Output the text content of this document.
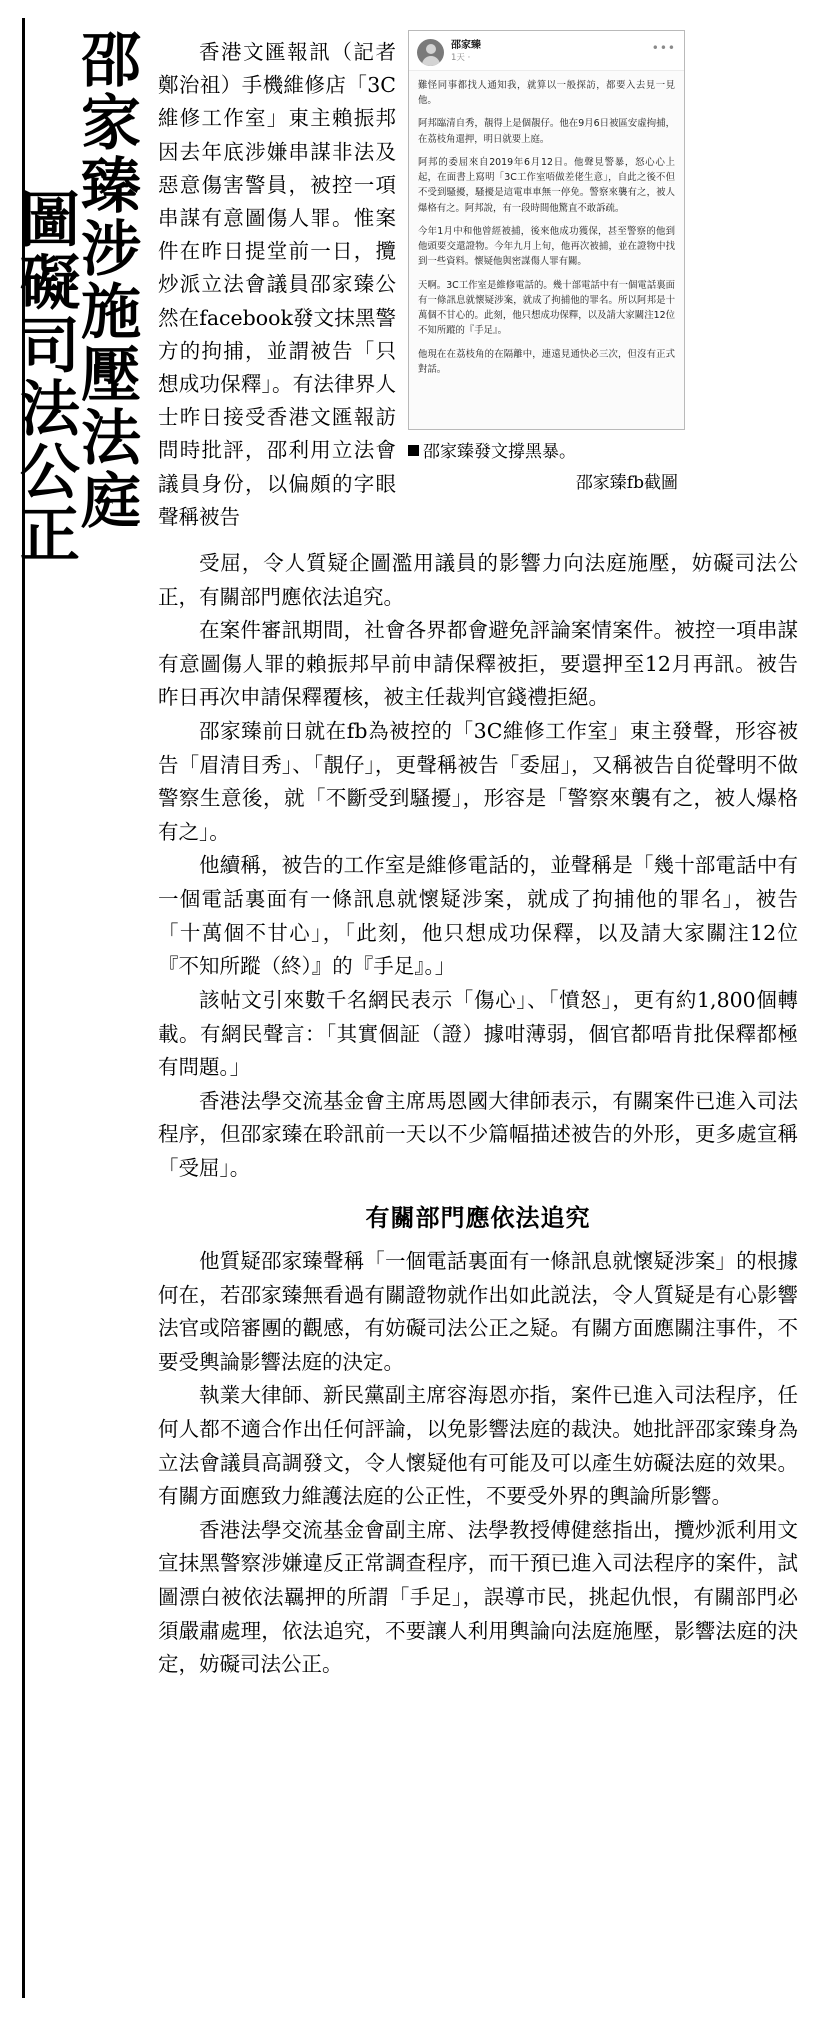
邵家臻涉施壓法庭
圖礙司法公正

香港文匯報訊（記者 鄭治祖）手機維修店「3C維修工作室」東主賴振邦因去年底涉嫌串謀非法及惡意傷害警員，被控一項串謀有意圖傷人罪。惟案件在昨日提堂前一日，攬炒派立法會議員邵家臻公然在facebook發文抹黑警方的拘捕，並謂被告「只想成功保釋」。有法律界人士昨日接受香港文匯報訪問時批評，邵利用立法會議員身份，以偏頗的字眼聲稱被告

邵家臻
1天 ·
•••

難怪同事都找人通知我，就算以一般探訪，都要入去見一見他。

阿邦臨清自秀，靚得上是個靚仔。他在9月6日被區安虛拘捕，在荔枝角還押，明日就要上庭。

阿邦的委屈來自2019年6月12日。他聲見警暴，怒心心上起，在面書上寫明「3C工作室唔做差佬生意」，自此之後不但不受到騷擾，騷擾是這電車車無一停免。警察來襲有之，被人爆格有之。阿邦說，有一段時間他驚直不敢訴疏。

今年1月中和他曾經被捕，後來他成功獲保，甚至警察的他到他頭要交還證物。今年九月上旬，他再次被捕，並在證物中找到一些資料。懷疑他與密謀傷人罪有關。

天啊。3C工作室是維修電話的。幾十部電話中有一個電話裏面有一條訊息就懷疑涉案，就成了拘捕他的罪名。所以阿邦是十萬個不甘心的。此刻，他只想成功保釋，以及請大家關注12位不知所蹤的『手足』。

他現在在荔枝角的在隔離中，連遠見通快必三次，但沒有正式對話。

邵家臻發文撐黑暴。
邵家臻fb截圖

受屈，令人質疑企圖濫用議員的影響力向法庭施壓，妨礙司法公正，有關部門應依法追究。

在案件審訊期間，社會各界都會避免評論案情案件。被控一項串謀有意圖傷人罪的賴振邦早前申請保釋被拒，要還押至12月再訊。被告昨日再次申請保釋覆核，被主任裁判官錢禮拒絕。

邵家臻前日就在fb為被控的「3C維修工作室」東主發聲，形容被告「眉清目秀」、「靚仔」，更聲稱被告「委屈」，又稱被告自從聲明不做警察生意後，就「不斷受到騷擾」，形容是「警察來襲有之，被人爆格有之」。

他續稱，被告的工作室是維修電話的，並聲稱是「幾十部電話中有一個電話裏面有一條訊息就懷疑涉案，就成了拘捕他的罪名」，被告「十萬個不甘心」，「此刻，他只想成功保釋，以及請大家關注12位『不知所蹤（終）』的『手足』。」

該帖文引來數千名網民表示「傷心」、「憤怒」，更有約1,800個轉載。有網民聲言：「其實個証（證）據咁薄弱，個官都唔肯批保釋都極有問題。」

香港法學交流基金會主席馬恩國大律師表示，有關案件已進入司法程序，但邵家臻在聆訊前一天以不少篇幅描述被告的外形，更多處宣稱「受屈」。

有關部門應依法追究

他質疑邵家臻聲稱「一個電話裏面有一條訊息就懷疑涉案」的根據何在，若邵家臻無看過有關證物就作出如此説法，令人質疑是有心影響法官或陪審團的觀感，有妨礙司法公正之疑。有關方面應關注事件，不要受輿論影響法庭的決定。

執業大律師、新民黨副主席容海恩亦指，案件已進入司法程序，任何人都不適合作出任何評論，以免影響法庭的裁決。她批評邵家臻身為立法會議員高調發文，令人懷疑他有可能及可以產生妨礙法庭的效果。有關方面應致力維護法庭的公正性，不要受外界的輿論所影響。

香港法學交流基金會副主席、法學教授傅健慈指出，攬炒派利用文宣抹黑警察涉嫌違反正常調查程序，而干預已進入司法程序的案件，試圖漂白被依法羈押的所謂「手足」，誤導市民，挑起仇恨，有關部門必須嚴肅處理，依法追究，不要讓人利用輿論向法庭施壓，影響法庭的決定，妨礙司法公正。
